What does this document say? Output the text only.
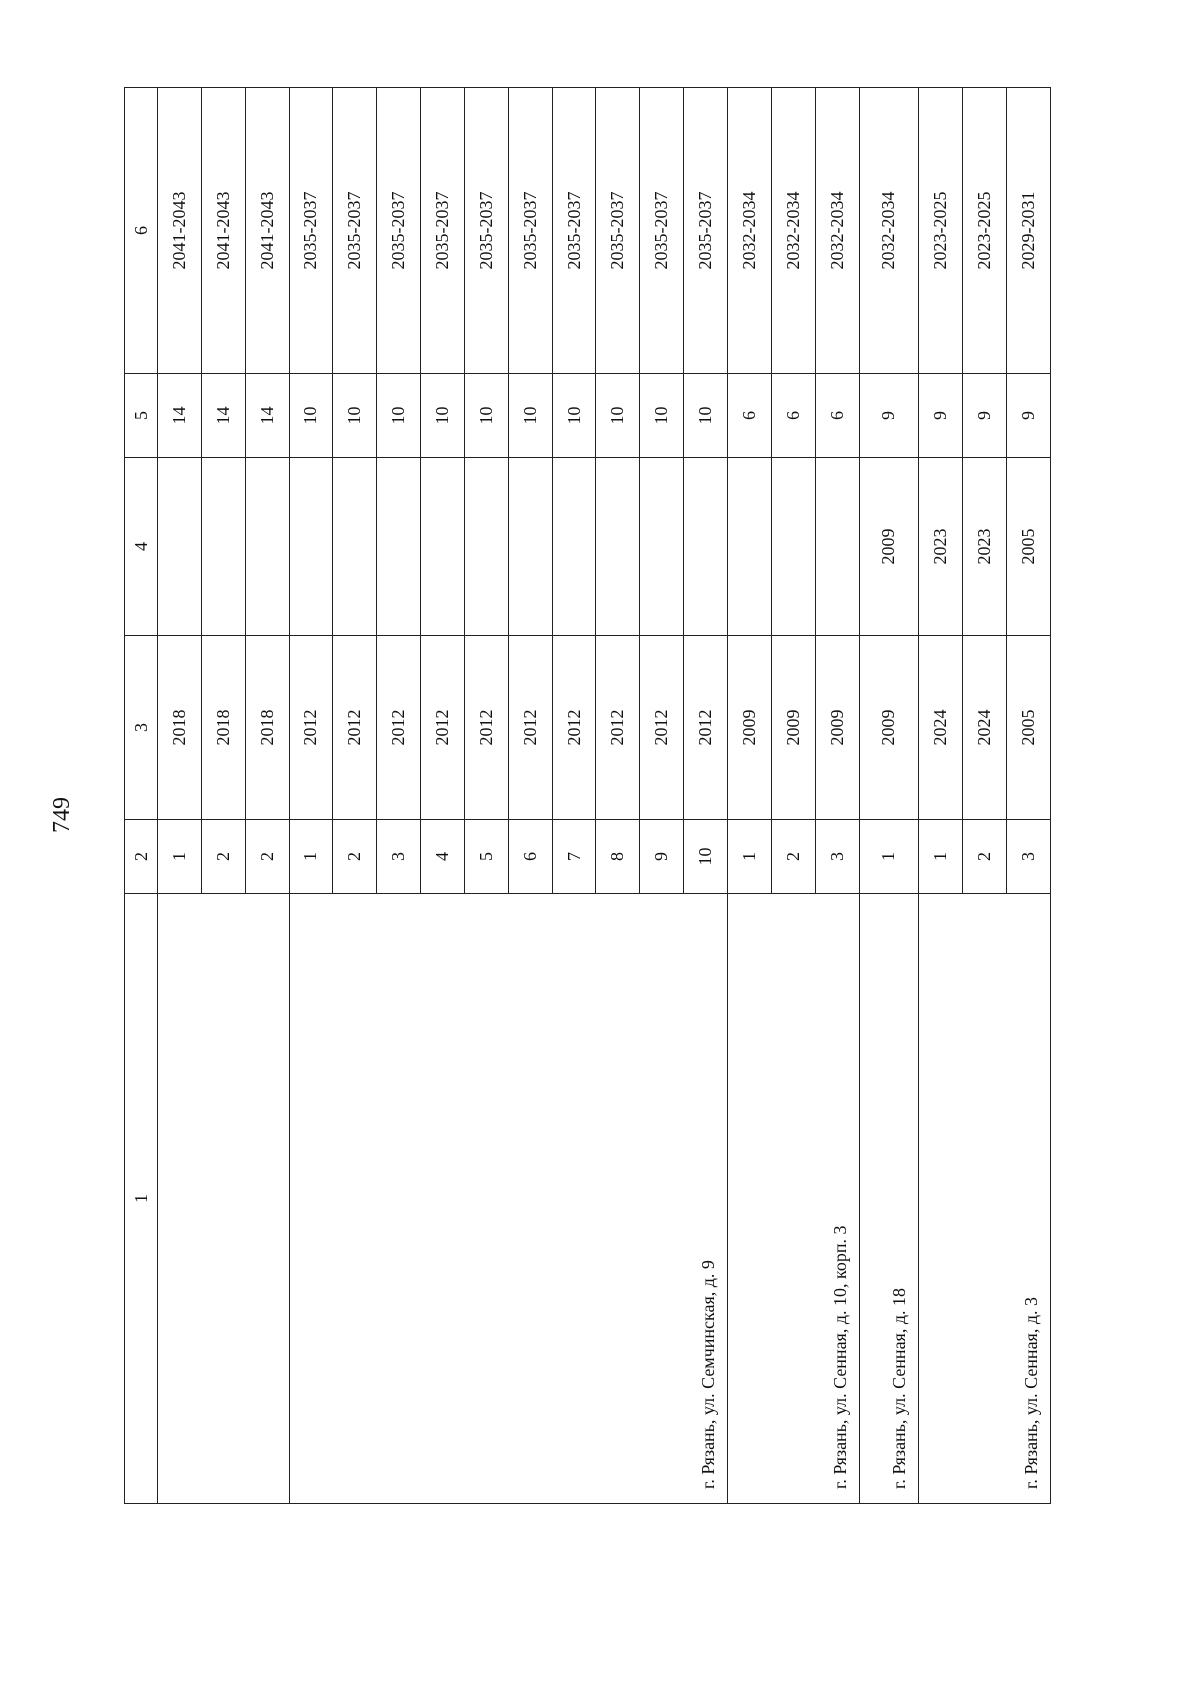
749
1	2	3	4	5	6
	1	2018		14	2041-2043
	2	2018		14	2041-2043
	2	2018		14	2041-2043
г. Рязань, ул. Семчинская, д. 9	1	2012		10	2035-2037
	2	2012		10	2035-2037
	3	2012		10	2035-2037
	4	2012		10	2035-2037
	5	2012		10	2035-2037
	6	2012		10	2035-2037
	7	2012		10	2035-2037
	8	2012		10	2035-2037
	9	2012		10	2035-2037
	10	2012		10	2035-2037
г. Рязань, ул. Сенная, д. 10, корп. 3	1	2009		6	2032-2034
	2	2009		6	2032-2034
	3	2009		6	2032-2034
г. Рязань, ул. Сенная, д. 18	1	2009	2009	9	2032-2034
г. Рязань, ул. Сенная, д. 3	1	2024	2023	9	2023-2025
	2	2024	2023	9	2023-2025
	3	2005	2005	9	2029-2031
